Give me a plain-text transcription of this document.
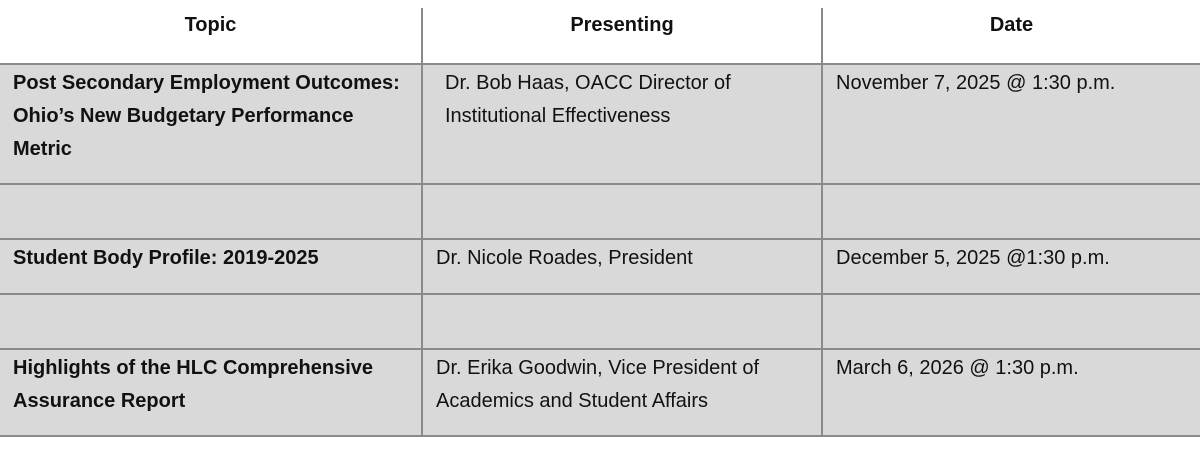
Topic	Presenting	Date
Post Secondary Employment Outcomes: Ohio’s New Budgetary Performance Metric	Dr. Bob Haas, OACC Director of Institutional Effectiveness	November 7, 2025 @ 1:30 p.m.

Student Body Profile: 2019-2025	Dr. Nicole Roades, President	December 5, 2025 @1:30 p.m.

Highlights of the HLC Comprehensive Assurance Report	Dr. Erika Goodwin, Vice President of Academics and Student Affairs	March 6, 2026 @ 1:30 p.m.
